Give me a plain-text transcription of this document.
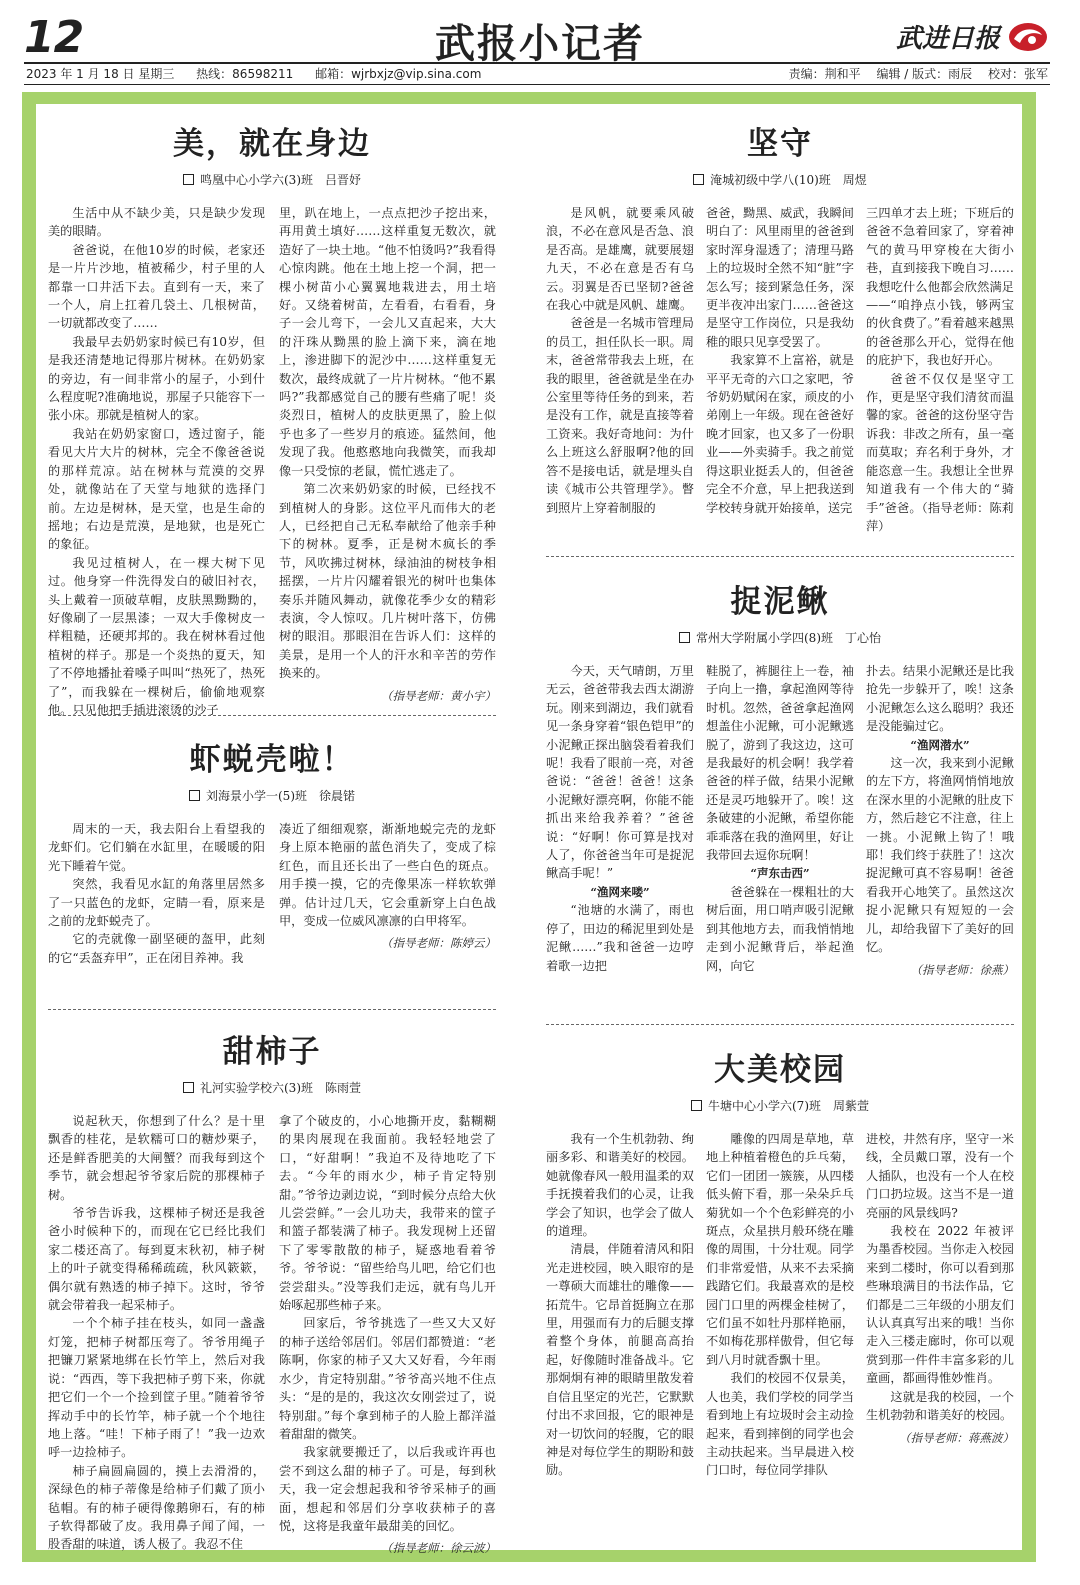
12	武报小记者	武进日报
2023 年 1 月 18 日 星期三 热线：86598211 邮箱：wjrbxjz@vip.sina.com	责编：荆和平 编辑 / 版式：雨辰 校对：张军
美，就在身边
鸣凰中心小学六(3)班　吕晋妤

生活中从不缺少美，只是缺少发现美的眼睛。

爸爸说，在他10岁的时候，老家还是一片片沙地，植被稀少，村子里的人都靠一口井活下去。直到有一天，来了一个人，肩上扛着几袋土、几根树苗，一切就都改变了……

我最早去奶奶家时候已有10岁，但是我还清楚地记得那片树林。在奶奶家的旁边，有一间非常小的屋子，小到什么程度呢?准确地说，那屋子只能容下一张小床。那就是植树人的家。

我站在奶奶家窗口，透过窗子，能看见大片大片的树林，完全不像爸爸说的那样荒凉。站在树林与荒漠的交界处，就像站在了天堂与地狱的选择门前。左边是树林，是天堂，也是生命的摇地；右边是荒漠，是地狱，也是死亡的象征。

我见过植树人，在一棵大树下见过。他身穿一件洗得发白的破旧衬衣，头上戴着一顶破草帽，皮肤黑黝黝的，好像刷了一层黑漆；一双大手像树皮一样粗糙，还硬邦邦的。我在树林看过他植树的样子。那是一个炎热的夏天，知了不停地播扯着嗓子叫叫“热死了，热死了”，而我躲在一棵树后，偷偷地观察他。只见他把手插进滚烫的沙子

里，趴在地上，一点点把沙子挖出来，再用黄土填好……这样重复无数次，就造好了一块土地。“他不怕烫吗?”我看得心惊肉跳。他在土地上挖一个洞，把一棵小树苗小心翼翼地栽进去，用土培好。又绕着树苗，左看看，右看看，身子一会儿弯下，一会儿又直起来，大大的汗珠从黝黑的脸上滴下来，滴在地上，渗进脚下的泥沙中……这样重复无数次，最终成就了一片片树林。“他不累吗?”我都感觉自己的腰有些痛了呢！炎炎烈日，植树人的皮肤更黑了，脸上似乎也多了一些岁月的痕迹。猛然间，他发现了我。他憨憨地向我微笑，而我却像一只受惊的老鼠，慌忙逃走了。

第二次来奶奶家的时候，已经找不到植树人的身影。这位平凡而伟大的老人，已经把自己无私奉献给了他亲手种下的树林。夏季，正是树木疯长的季节，风吹拂过树林，绿油油的树枝争相摇摆，一片片闪耀着银光的树叶也集体奏乐并随风舞动，就像花季少女的精彩表演，令人惊叹。几片树叶落下，仿佛树的眼泪。那眼泪在告诉人们：这样的美景，是用一个人的汗水和辛苦的劳作换来的。

（指导老师：黄小宇）
虾蜕壳啦！
刘海景小学一(5)班　徐晨锘

周末的一天，我去阳台上看望我的龙虾们。它们躺在水缸里，在暖暖的阳光下睡着午觉。

突然，我看见水缸的角落里居然多了一只蓝色的龙虾，定睛一看，原来是之前的龙虾蜕壳了。

它的壳就像一副坚硬的盔甲，此刻的它“丢盔弃甲”，正在闭目养神。我

凑近了细细观察，渐渐地蜕完壳的龙虾身上原本艳丽的蓝色消失了，变成了棕红色，而且还长出了一些白色的斑点。用手摸一摸，它的壳像果冻一样软软弹弹。估计过几天，它会重新穿上白色战甲，变成一位威风凛凛的白甲将军。

（指导老师：陈婷云）
甜柿子
礼河实验学校六(3)班　陈雨萱

说起秋天，你想到了什么？是十里飘香的桂花，是软糯可口的糖炒栗子，还是鲜香肥美的大闸蟹？而我每到这个季节，就会想起爷爷家后院的那棵柿子树。

爷爷告诉我，这棵柿子树还是我爸爸小时候种下的，而现在它已经比我们家二楼还高了。每到夏末秋初，柿子树上的叶子就变得稀稀疏疏，秋风簌簌，偶尔就有熟透的柿子掉下。这时，爷爷就会带着我一起采柿子。

一个个柿子挂在枝头，如同一盏盏灯笼，把柿子树都压弯了。爷爷用绳子把镰刀紧紧地绑在长竹竿上，然后对我说：“西西，等下我把柿子剪下来，你就把它们一个一个捡到筐子里。”随着爷爷挥动手中的长竹竿，柿子就一个个地往地上落。“哇！下柿子雨了！”我一边欢呼一边捡柿子。

柿子扁圆扁圆的，摸上去滑滑的，深绿色的柿子蒂像是给柿子们戴了顶小毡帽。有的柿子硬得像鹅卵石，有的柿子软得都破了皮。我用鼻子闻了闻，一股香甜的味道，诱人极了。我忍不住

拿了个破皮的，小心地撕开皮，黏糊糊的果肉展现在我面前。我轻轻地尝了口，“好甜啊！”我迫不及待地吃了下去。“今年的雨水少，柿子肯定特别甜。”爷爷边剥边说，“到时候分点给大伙儿尝尝鲜。”一会儿功夫，我带来的筐子和篮子都装满了柿子。我发现树上还留下了零零散散的柿子，疑惑地看着爷爷。爷爷说：“留些给鸟儿吧，给它们也尝尝甜头。”没等我们走远，就有鸟儿开始啄起那些柿子来。

回家后，爷爷挑选了一些又大又好的柿子送给邻居们。邻居们都赞道：“老陈啊，你家的柿子又大又好看，今年雨水少，肯定特别甜。”爷爷高兴地不住点头：“是的是的，我这次女刚尝过了，说特别甜。”每个拿到柿子的人脸上都洋溢着甜甜的微笑。

我家就要搬迁了，以后我或许再也尝不到这么甜的柿子了。可是，每到秋天，我一定会想起我和爷爷采柿子的画面，想起和邻居们分享收获柿子的喜悦，这将是我童年最甜美的回忆。

（指导老师：徐云波）
坚守
淹城初级中学八(10)班　周煜

是风帆，就要乘风破浪，不必在意风是否急、浪是否高。是雄鹰，就要展翅九天，不必在意是否有乌云。羽翼是否已坚韧?爸爸在我心中就是风帆、雄鹰。

爸爸是一名城市管理局的员工，担任队长一职。周末，爸爸常带我去上班，在我的眼里，爸爸就是坐在办公室里等待任务的到来，若是没有工作，就是直接等着工资来。我好奇地问：为什么上班这么舒服啊?他的回答不是接电话，就是埋头自读《城市公共管理学》。瞥到照片上穿着制服的

爸爸，黝黑、威武，我瞬间明白了：风里雨里的爸爸到家时浑身湿透了；清理马路上的垃圾时全然不知“脏”字怎么写；接到紧急任务，深更半夜冲出家门……爸爸这是坚守工作岗位，只是我幼稚的眼只见享受罢了。

我家算不上富裕，就是平平无奇的六口之家吧，爷爷奶奶赋闲在家，顽皮的小弟刚上一年级。现在爸爸好晚才回家，也又多了一份职业——外卖骑手。我之前觉得这职业挺丢人的，但爸爸完全不介意，早上把我送到学校转身就开始接单，送完

三四单才去上班；下班后的爸爸不急着回家了，穿着神气的黄马甲穿梭在大街小巷，直到接我下晚自习……我想吃什么他都会欣然满足——“咱挣点小钱，够两宝的伙食费了。”看着越来越黑的爸爸那么开心，觉得在他的庇护下，我也好开心。

爸爸不仅仅是坚守工作，更是坚守我们清贫而温馨的家。爸爸的这份坚守告诉我：非改之所有，虽一毫而莫取；弃名利于身外，才能恣意一生。我想让全世界知道我有一个伟大的“骑手”爸爸。（指导老师：陈莉萍）

捉泥鳅
常州大学附属小学四(8)班　丁心怡

今天，天气晴朗，万里无云，爸爸带我去西太湖游玩。刚来到湖边，我们就看见一条身穿着“银色铠甲”的小泥鳅正探出脑袋看着我们呢！我看了眼前一亮，对爸爸说：“爸爸！爸爸！这条小泥鳅好漂亮啊，你能不能抓出来给我养着？”爸爸说：“好啊！你可算是找对人了，你爸爸当年可是捉泥鳅高手呢！”

“渔网来喽”

“池塘的水满了，雨也停了，田边的稀泥里到处是泥鳅……”我和爸爸一边哼着歌一边把

鞋脱了，裤腿往上一卷，袖子向上一撸，拿起渔网等待时机。忽然，爸爸拿起渔网想盖住小泥鳅，可小泥鳅逃脱了，游到了我这边，这可是我最好的机会啊！我学着爸爸的样子做，结果小泥鳅还是灵巧地躲开了。唉！这条破建的小泥鳅，希望你能乖乖落在我的渔网里，好让我带回去逗你玩啊！

“声东击西”

爸爸躲在一棵粗壮的大树后面，用口哨声吸引泥鳅到其他地方去，而我悄悄地走到小泥鳅背后，举起渔网，向它

扑去。结果小泥鳅还是比我抢先一步躲开了，唉！这条小泥鳅怎么这么聪明？我还是没能骗过它。

“渔网潜水”

这一次，我来到小泥鳅的左下方，将渔网悄悄地放在深水里的小泥鳅的肚皮下方，然后趁它不注意，往上一挑。小泥鳅上钩了！哦耶！我们终于获胜了！这次捉泥鳅可真不容易啊！爸爸看我开心地笑了。虽然这次捉小泥鳅只有短短的一会儿，却给我留下了美好的回忆。

（指导老师：徐燕）
大美校园
牛塘中心小学六(7)班　周紫萱

我有一个生机勃勃、绚丽多彩、和谐美好的校园。她就像春风一般用温柔的双手抚摸着我们的心灵，让我学会了知识，也学会了做人的道理。

清晨，伴随着清风和阳光走进校园，映入眼帘的是一尊硕大而雄壮的雕像——拓荒牛。它昂首挺胸立在那里，用强而有力的后腿支撑着整个身体，前腿高高抬起，好像随时准备战斗。它那炯炯有神的眼睛里散发着自信且坚定的光芒，它默默付出不求回报，它的眼神是对一切饮问的轻腹，它的眼神是对每位学生的期盼和鼓励。

雕像的四周是草地，草地上种植着橙色的乒乓菊，它们一团团一簇簇，从四楼低头俯下看，那一朵朵乒乓菊犹如一个个色彩鲜亮的小斑点，众星拱月般环绕在雕像的周围，十分壮观。同学们非常爱惜，从来不去采摘践踏它们。我最喜欢的是校园门口里的两棵金桂树了，它们虽不如牡丹那样艳丽，不如梅花那样傲骨，但它每到八月时就香飘十里。

我们的校园不仅景美，人也美，我们学校的同学当看到地上有垃圾时会主动捡起来，看到摔倒的同学也会主动扶起来。当早晨进入校门口时，每位同学排队

进校，井然有序，坚守一米线，全员戴口罩，没有一个人插队，也没有一个人在校门口扔垃圾。这当不是一道亮丽的风景线吗?

我校在 2022 年被评为墨香校园。当你走入校园来到二楼时，你可以看到那些琳琅满目的书法作品，它们都是二三年级的小朋友们认认真真写出来的哦！当你走入三楼走廊时，你可以观赏到那一件件丰富多彩的儿童画，都画得惟妙惟肖。

这就是我的校园，一个生机勃勃和谐美好的校园。

（指导老师：蒋燕波）
